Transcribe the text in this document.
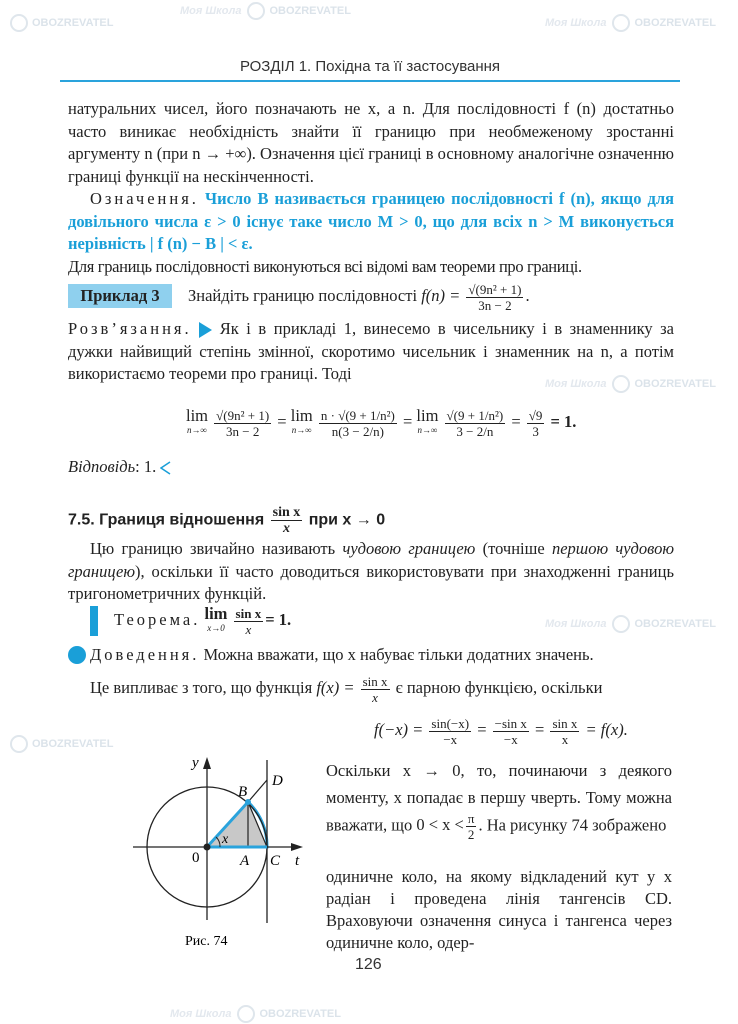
Моя Школа	OBOZREVATEL
Моя Школа	OBOZREVATEL
OBOZREVATEL
Моя Школа	OBOZREVATEL
Моя Школа	OBOZREVATEL
OBOZREVATEL
Моя Школа	OBOZREVATEL
РОЗДІЛ 1. Похідна та її застосування
натуральних чисел, його позначають не x, а n. Для послідовності f (n) достатньо часто виникає необхідність знайти її границю при необмеженому зростанні аргументу n (при n → +∞). Означення цієї границі в основному аналогічне означенню границі функції на нескінченності.
Означення. Число B називається границею послідовності f (n), якщо для довільного числа ε > 0 існує таке число M > 0, що для всіх n > M виконується нерівність | f (n) − B | < ε.
Для границь послідовності виконуються всі відомі вам теореми про границі.
Приклад 3	Знайдіть границю послідовності $f(n) = \frac{\text{√(9n² + 1)}}{3n - 2}$ .
Розв’язання. Як і в прикладі 1, винесемо в чисельнику і в знаменнику за дужки найвищий степінь змінної, скоротимо чисельник і знаменник на n, а потім використаємо теореми про границі. Тоді
lim
n→∞
$\frac{\text{√(9n² + 1)}}{3n - 2} = \lim$
n→∞
$\frac{\text{n · √(9 + 1/n²)}}{n(3 - 2/n)} = \lim$
n→∞
$\frac{\text{√(9 + 1/n²)}}{3 - 2/n} = \frac{√9}{3} = 1$.
Відповідь: 1.
7.5. Границя відношення $\frac{\text{sin x}}{x}$ при x → 0
Цю границю звичайно називають чудовою границею (точніше першою чудовою границею), оскільки її часто доводиться використовувати при знаходженні границь тригонометричних функцій.
Теорема. lim
x→0
$\frac{\text{sin x}}{x} = 1$.
Доведення. Можна вважати, що x набуває тільки додатних значень.
Це випливає з того, що функція $f(x) = \frac{\text{sin x}}{x}$ є парною функцією, оскільки
$f(-x) = \frac{\sin(-x)}{-x} = \frac{\text{−sin x}}{-x} = \frac{\text{sin x}}{x} = f(x)$.
Оскільки x → 0, то, починаючи з деякого моменту, x попадає в першу чверть. Тому можна вважати, що $0 < x < \frac{\pi}{2}$ . На рисунку 74 зображено
одиничне коло, на якому відкладений кут у x радіан і проведена лінія тангенсів CD. Враховуючи означення синуса і тангенса через одиничне коло, одер-
y
t
0	A C
B
D
x
Рис. 74
126
